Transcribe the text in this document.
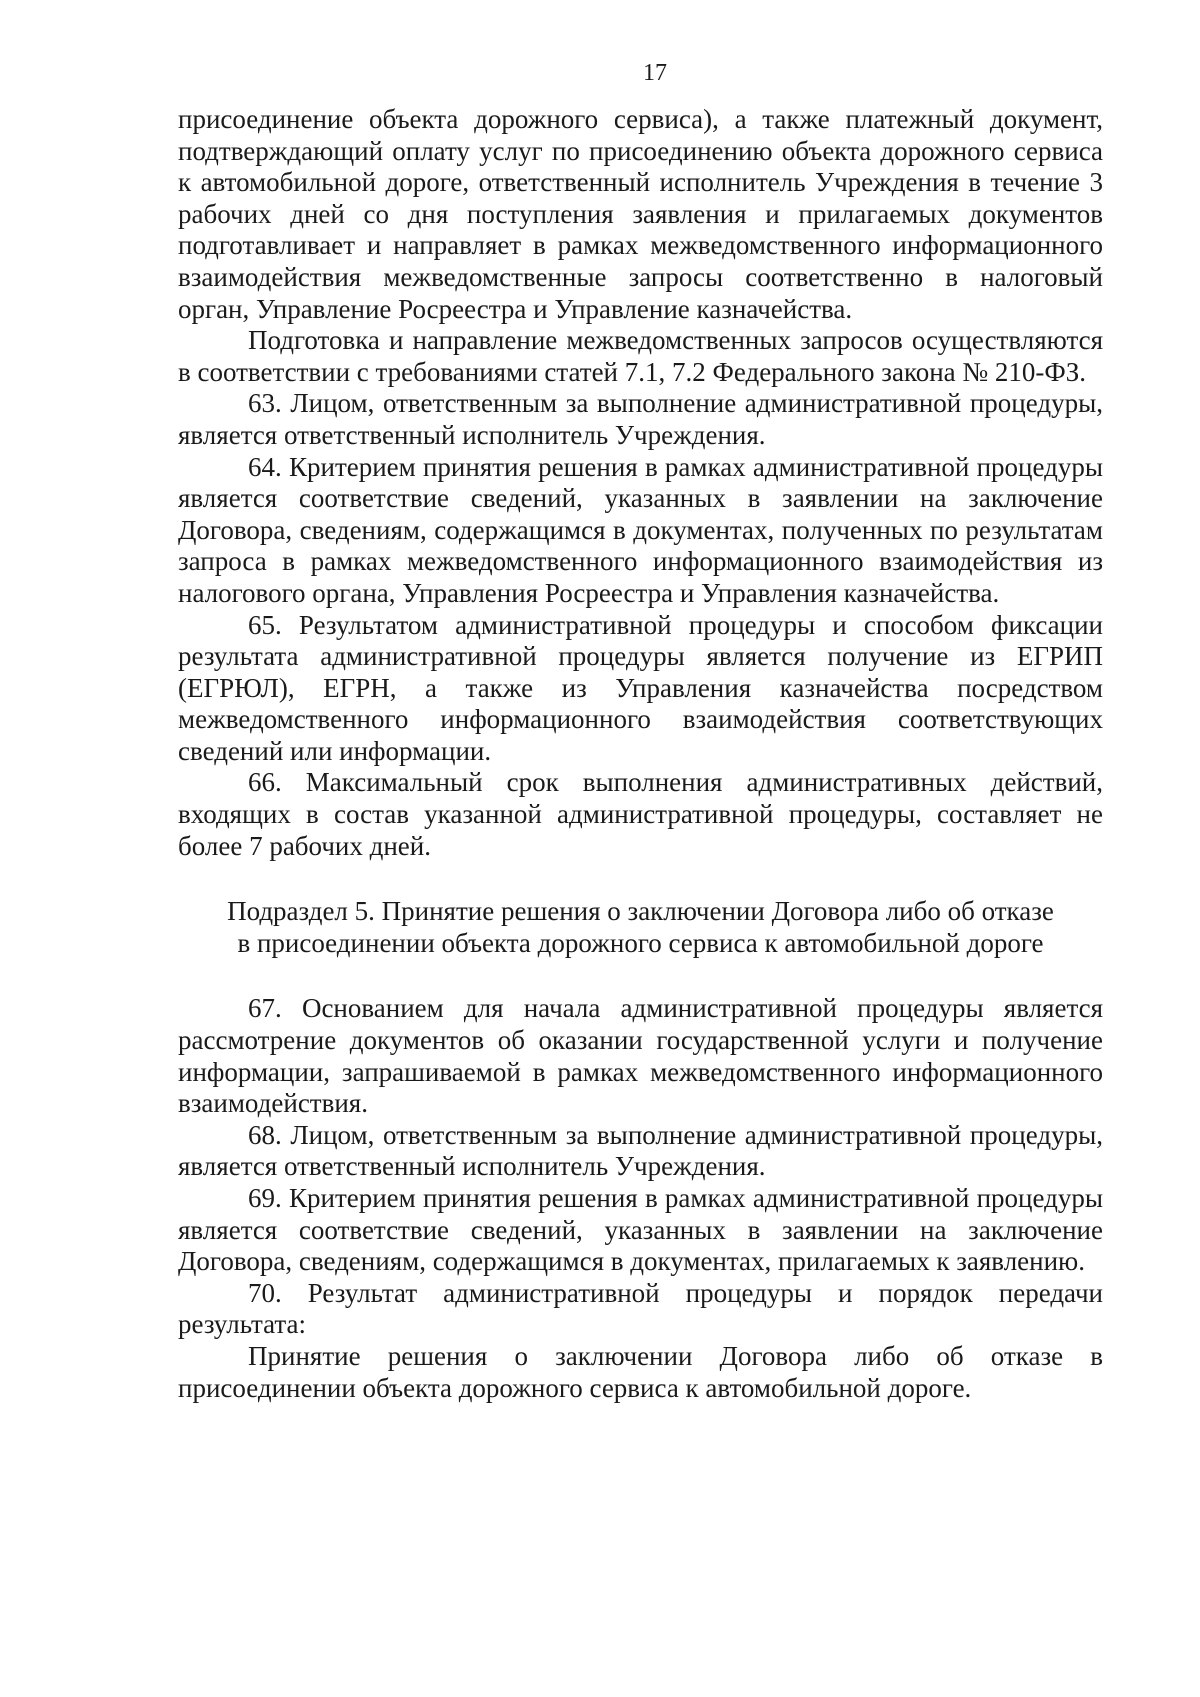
17

присоединение объекта дорожного сервиса), а также платежный документ, подтверждающий оплату услуг по присоединению объекта дорожного сервиса к автомобильной дороге, ответственный исполнитель Учреждения в течение 3 рабочих дней со дня поступления заявления и прилагаемых документов подготавливает и направляет в рамках межведомственного информационного взаимодействия межведомственные запросы соответственно в налоговый орган, Управление Росреестра и Управление казначейства.

Подготовка и направление межведомственных запросов осуществляются в соответствии с требованиями статей 7.1, 7.2 Федерального закона № 210-ФЗ.

63. Лицом, ответственным за выполнение административной процедуры, является ответственный исполнитель Учреждения.

64. Критерием принятия решения в рамках административной процедуры является соответствие сведений, указанных в заявлении на заключение Договора, сведениям, содержащимся в документах, полученных по результатам запроса в рамках межведомственного информационного взаимодействия из налогового органа, Управления Росреестра и Управления казначейства.

65. Результатом административной процедуры и способом фиксации результата административной процедуры является получение из ЕГРИП (ЕГРЮЛ), ЕГРН, а также из Управления казначейства посредством межведомственного информационного взаимодействия соответствующих сведений или информации.

66. Максимальный срок выполнения административных действий, входящих в состав указанной административной процедуры, составляет не более 7 рабочих дней.

Подраздел 5. Принятие решения о заключении Договора либо об отказе
в присоединении объекта дорожного сервиса к автомобильной дороге

67. Основанием для начала административной процедуры является рассмотрение документов об оказании государственной услуги и получение информации, запрашиваемой в рамках межведомственного информационного взаимодействия.

68. Лицом, ответственным за выполнение административной процедуры, является ответственный исполнитель Учреждения.

69. Критерием принятия решения в рамках административной процедуры является соответствие сведений, указанных в заявлении на заключение Договора, сведениям, содержащимся в документах, прилагаемых к заявлению.

70. Результат административной процедуры и порядок передачи результата:

Принятие решения о заключении Договора либо об отказе в присоединении объекта дорожного сервиса к автомобильной дороге.
